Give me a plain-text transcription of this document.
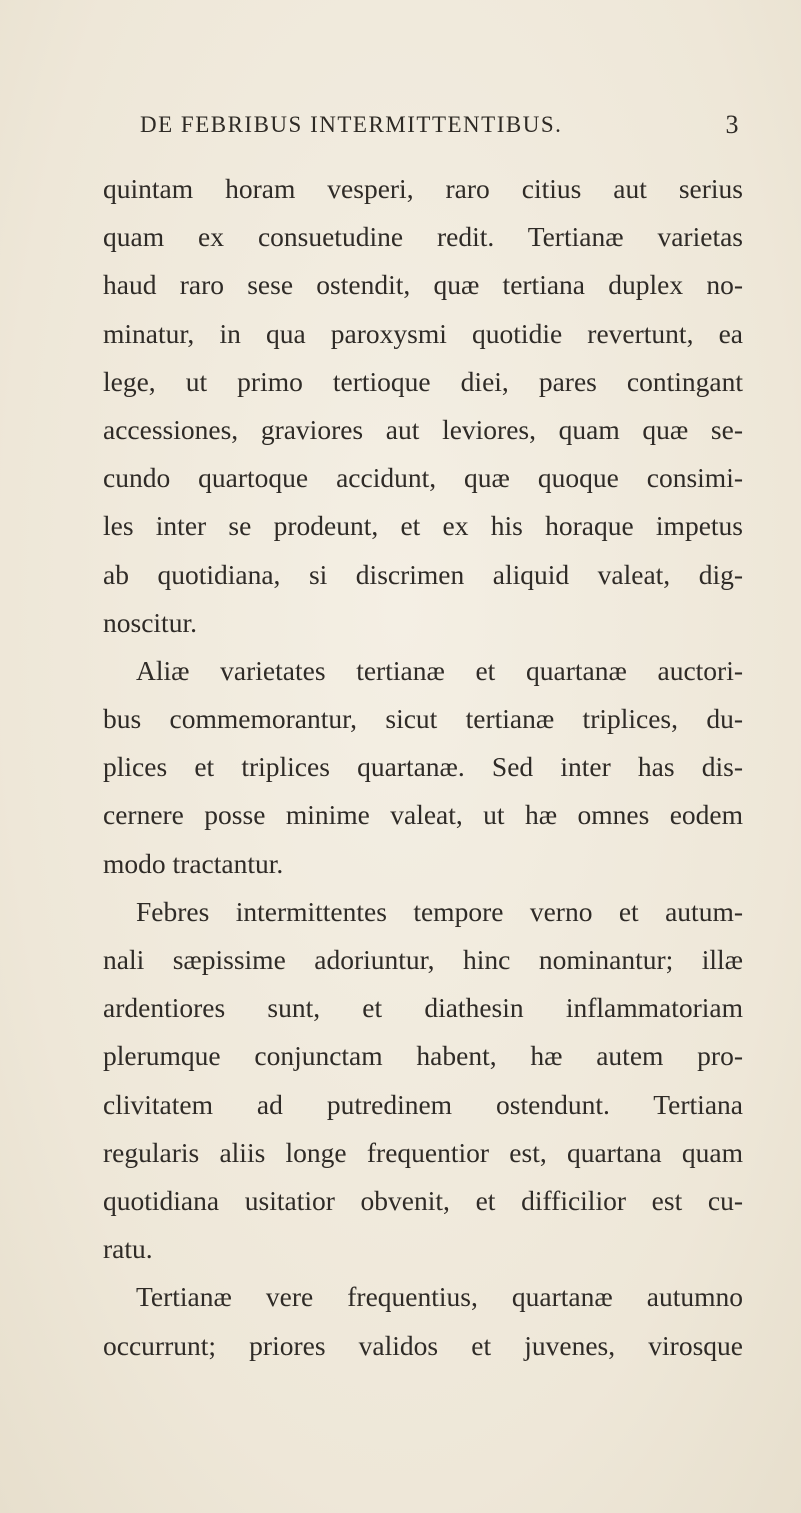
DE FEBRIBUS INTERMITTENTIBUS.	3
quintam horam vesperi, raro citius aut serius
quam ex consuetudine redit. Tertianæ varietas
haud raro sese ostendit, quæ tertiana duplex no-
minatur, in qua paroxysmi quotidie revertunt, ea
lege, ut primo tertioque diei, pares contingant
accessiones, graviores aut leviores, quam quæ se-
cundo quartoque accidunt, quæ quoque consimi-
les inter se prodeunt, et ex his horaque impetus
ab quotidiana, si discrimen aliquid valeat, dig-
noscitur.
Aliæ varietates tertianæ et quartanæ auctori-
bus commemorantur, sicut tertianæ triplices, du-
plices et triplices quartanæ. Sed inter has dis-
cernere posse minime valeat, ut hæ omnes eodem
modo tractantur.
Febres intermittentes tempore verno et autum-
nali sæpissime adoriuntur, hinc nominantur; illæ
ardentiores sunt, et diathesin inflammatoriam
plerumque conjunctam habent, hæ autem pro-
clivitatem ad putredinem ostendunt. Tertiana
regularis aliis longe frequentior est, quartana quam
quotidiana usitatior obvenit, et difficilior est cu-
ratu.
Tertianæ vere frequentius, quartanæ autumno
occurrunt; priores validos et juvenes, virosque
